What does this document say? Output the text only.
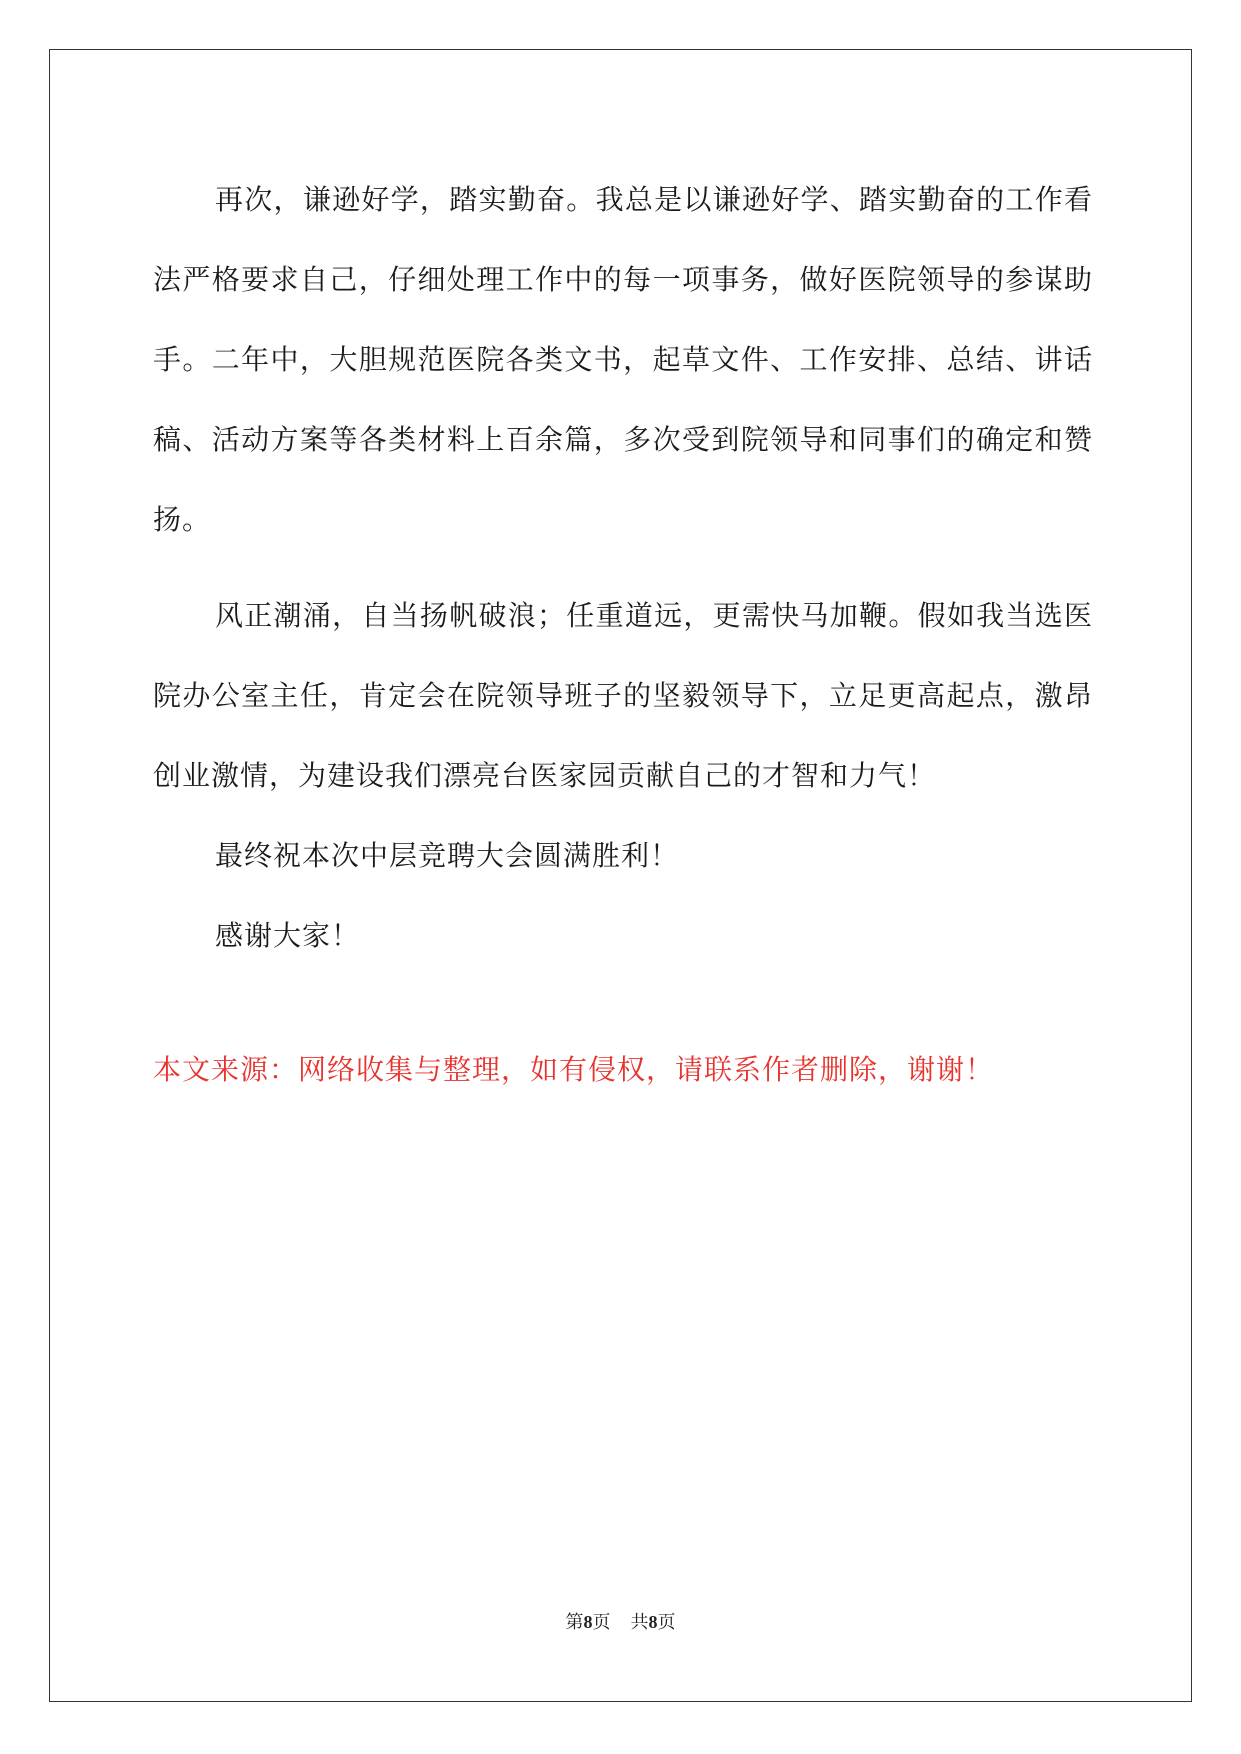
再次，谦逊好学，踏实勤奋。我总是以谦逊好学、踏实勤奋的工作看法严格要求自己，仔细处理工作中的每一项事务，做好医院领导的参谋助手。二年中，大胆规范医院各类文书，起草文件、工作安排、总结、讲话稿、活动方案等各类材料上百余篇，多次受到院领导和同事们的确定和赞扬。

风正潮涌，自当扬帆破浪；任重道远，更需快马加鞭。假如我当选医院办公室主任，肯定会在院领导班子的坚毅领导下，立足更高起点，激昂创业激情，为建设我们漂亮台医家园贡献自己的才智和力气！

最终祝本次中层竞聘大会圆满胜利！

感谢大家！

本文来源：网络收集与整理，如有侵权，请联系作者删除，谢谢！

第8页 共8页
